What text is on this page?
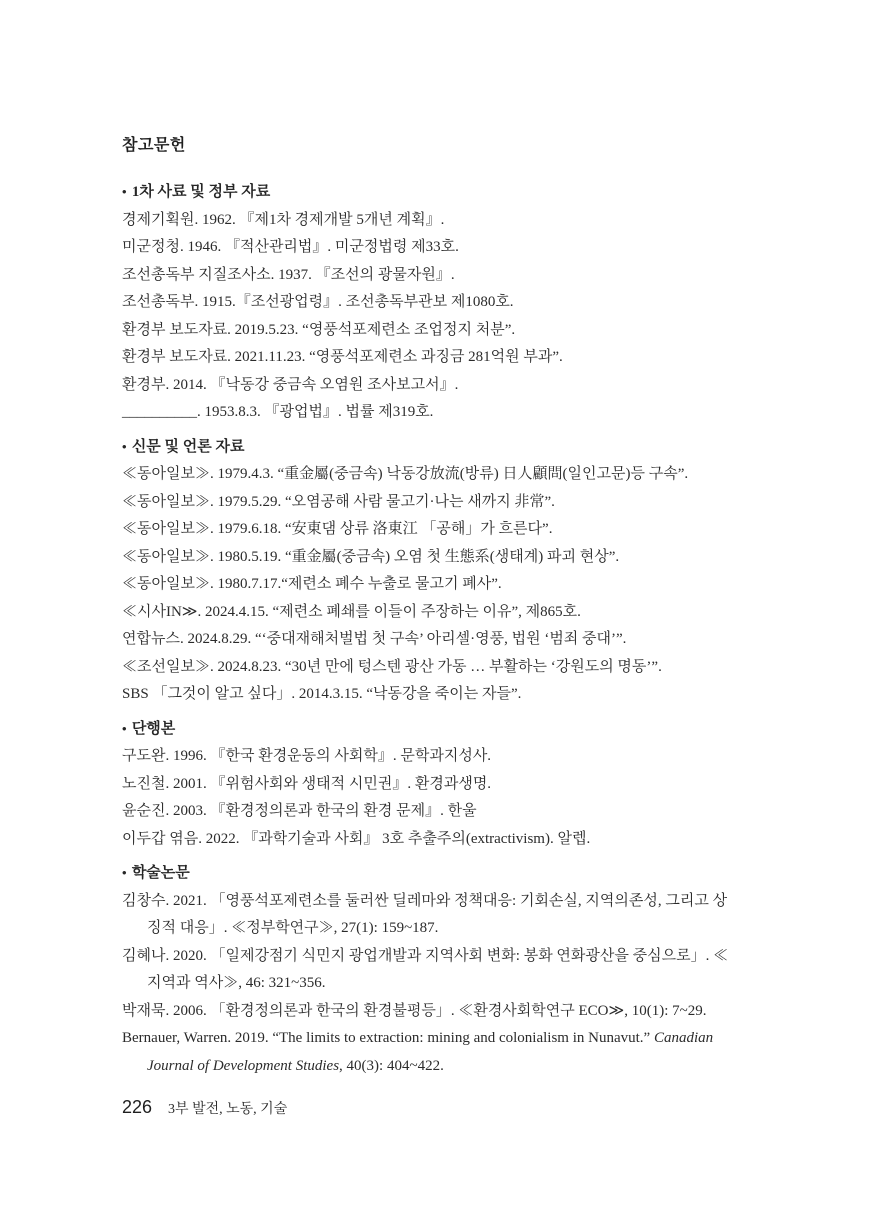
참고문헌
• 1차 사료 및 정부 자료

경제기획원. 1962. 『제1차 경제개발 5개년 계획』.

미군정청. 1946. 『적산관리법』. 미군정법령 제33호.

조선총독부 지질조사소. 1937. 『조선의 광물자원』.

조선총독부. 1915.『조선광업령』. 조선총독부관보 제1080호.

환경부 보도자료. 2019.5.23. “영풍석포제련소 조업정지 처분”.

환경부 보도자료. 2021.11.23. “영풍석포제련소 과징금 281억원 부과”.

환경부. 2014. 『낙동강 중금속 오염원 조사보고서』.

__________. 1953.8.3. 『광업법』. 법률 제319호.

• 신문 및 언론 자료

≪동아일보≫. 1979.4.3. “重金屬(중금속) 낙동강放流(방류) 日人顧問(일인고문)등 구속”.

≪동아일보≫. 1979.5.29. “오염공해 사람 물고기·나는 새까지 非常”.

≪동아일보≫. 1979.6.18. “安東댐 상류 洛東江 「공해」가 흐른다”.

≪동아일보≫. 1980.5.19. “重金屬(중금속) 오염 첫 生態系(생태계) 파괴 현상”.

≪동아일보≫. 1980.7.17.“제련소 폐수 누출로 물고기 폐사”.

≪시사IN≫. 2024.4.15. “제련소 폐쇄를 이들이 주장하는 이유”, 제865호.

연합뉴스. 2024.8.29. “‘중대재해처벌법 첫 구속’ 아리셀·영풍, 법원 ‘범죄 중대’”.

≪조선일보≫. 2024.8.23. “30년 만에 텅스텐 광산 가동 … 부활하는 ‘강원도의 명동’”.

SBS 「그것이 알고 싶다」. 2014.3.15. “낙동강을 죽이는 자들”.

• 단행본

구도완. 1996. 『한국 환경운동의 사회학』. 문학과지성사.

노진철. 2001. 『위험사회와 생태적 시민권』. 환경과생명.

윤순진. 2003. 『환경정의론과 한국의 환경 문제』. 한울

이두갑 엮음. 2022. 『과학기술과 사회』 3호 추출주의(extractivism). 알렙.

• 학술논문

김창수. 2021. 「영풍석포제련소를 둘러싼 딜레마와 정책대응: 기회손실, 지역의존성, 그리고 상징적 대응」. ≪정부학연구≫, 27(1): 159~187.

김혜나. 2020. 「일제강점기 식민지 광업개발과 지역사회 변화: 봉화 연화광산을 중심으로」. ≪지역과 역사≫, 46: 321~356.

박재묵. 2006. 「환경정의론과 한국의 환경불평등」. ≪환경사회학연구 ECO≫, 10(1): 7~29.

Bernauer, Warren. 2019. “The limits to extraction: mining and colonialism in Nunavut.” Canadian Journal of Development Studies, 40(3): 404~422.

226 3부 발전, 노동, 기술
